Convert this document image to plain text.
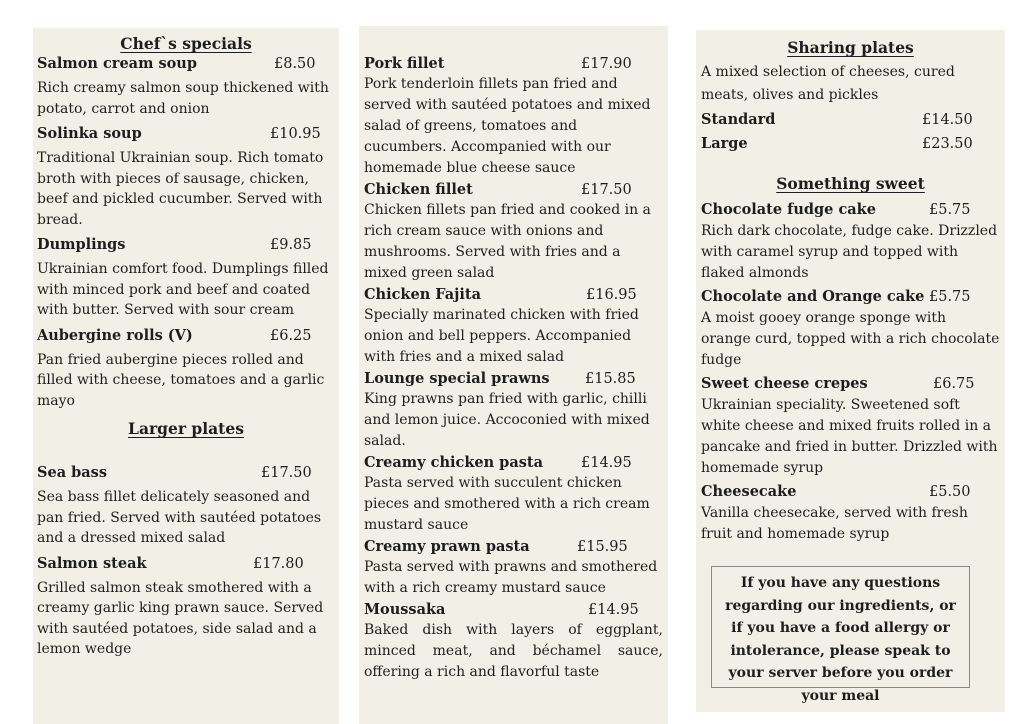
Chef`s specials
Salmon cream soup	£8.50

Rich creamy salmon soup thickened with potato, carrot and onion

Solinka soup	£10.95

Traditional Ukrainian soup. Rich tomato broth with pieces of sausage, chicken, beef and pickled cucumber. Served with bread.

Dumplings	£9.85

Ukrainian comfort food. Dumplings filled with minced pork and beef and coated with butter. Served with sour cream

Aubergine rolls (V)	£6.25

Pan fried aubergine pieces rolled and filled with cheese, tomatoes and a garlic mayo

Larger plates
Sea bass	£17.50

Sea bass fillet delicately seasoned and pan fried. Served with sautéed potatoes and a dressed mixed salad

Salmon steak	£17.80

Grilled salmon steak smothered with a creamy garlic king prawn sauce. Served with sautéed potatoes, side salad and a lemon wedge

Pork fillet	£17.90

Pork tenderloin fillets pan fried and served with sautéed potatoes and mixed salad of greens, tomatoes and cucumbers. Accompanied with our homemade blue cheese sauce

Chicken fillet	£17.50

Chicken fillets pan fried and cooked in a rich cream sauce with onions and mushrooms. Served with fries and a mixed green salad

Chicken Fajita	£16.95

Specially marinated chicken with fried onion and bell peppers. Accompanied with fries and a mixed salad

Lounge special prawns £15.85

King prawns pan fried with garlic, chilli and lemon juice. Accoconied with mixed salad.

Creamy chicken pasta	£14.95

Pasta served with succulent chicken pieces and smothered with a rich cream mustard sauce

Creamy prawn pasta	£15.95

Pasta served with prawns and smothered with a rich creamy mustard sauce

Moussaka	£14.95

Baked dish with layers of eggplant, minced meat, and béchamel sauce, offering a rich and flavorful taste

Sharing plates

A mixed selection of cheeses, cured meats, olives and pickles

Standard	£14.50
Large	£23.50
Something sweet
Chocolate fudge cake	£5.75

Rich dark chocolate, fudge cake. Drizzled with caramel syrup and topped with flaked almonds

Chocolate and Orange cake £5.75

A moist gooey orange sponge with orange curd, topped with a rich chocolate fudge

Sweet cheese crepes	£6.75

Ukrainian speciality. Sweetened soft white cheese and mixed fruits rolled in a pancake and fried in butter. Drizzled with homemade syrup

Cheesecake	£5.50

Vanilla cheesecake, served with fresh fruit and homemade syrup

If you have any questions regarding our ingredients, or if you have a food allergy or intolerance, please speak to your server before you order your meal
